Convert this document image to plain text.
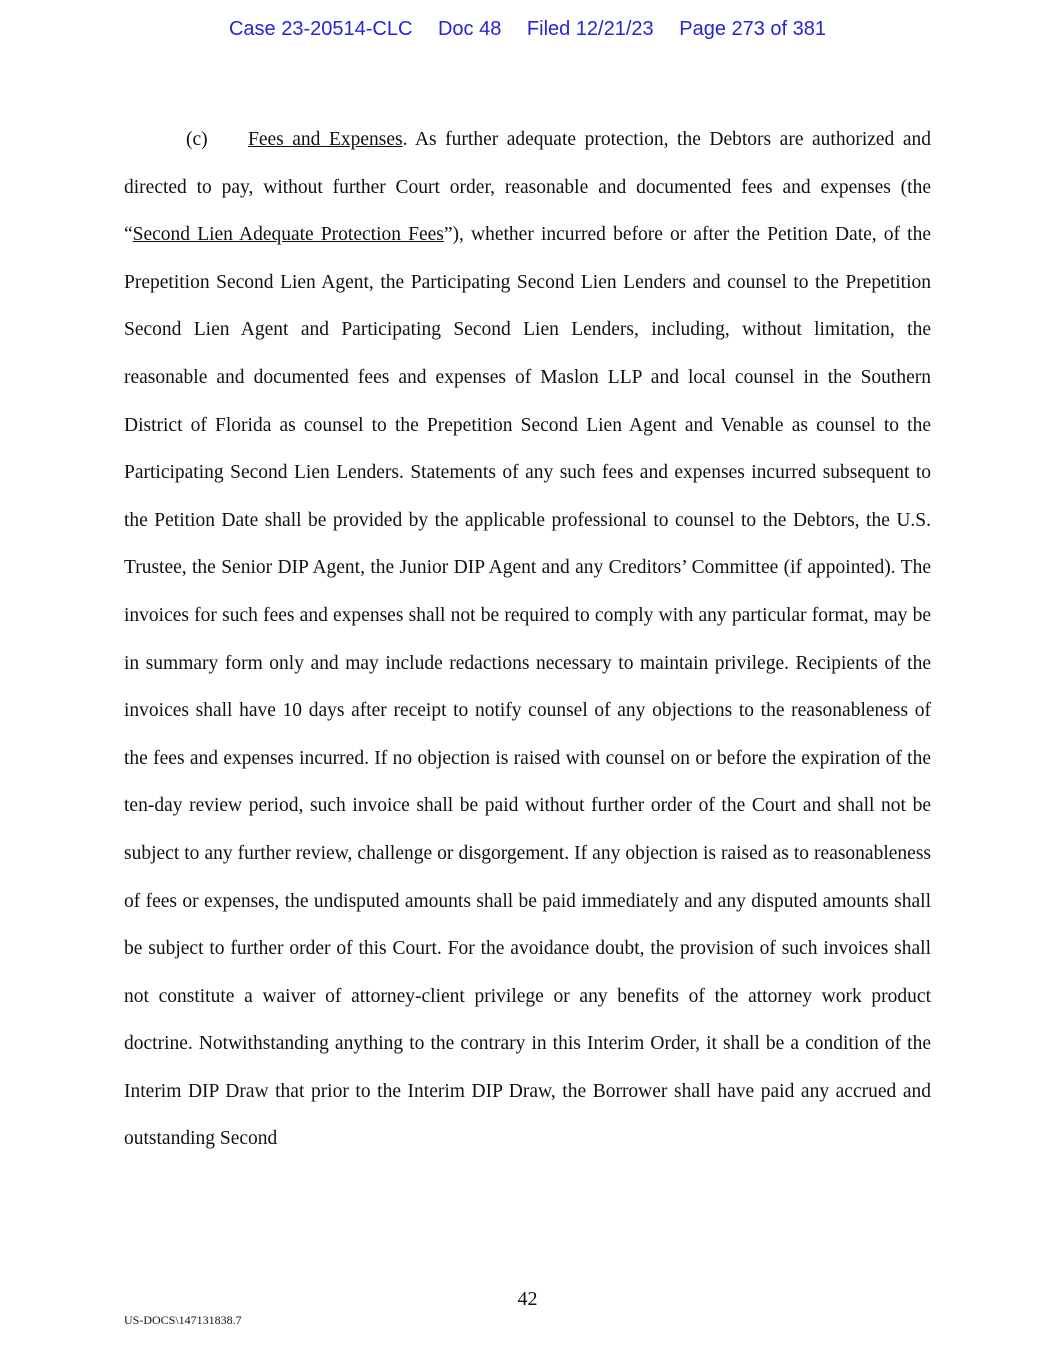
Case 23-20514-CLC Doc 48 Filed 12/21/23 Page 273 of 381
(c) Fees and Expenses. As further adequate protection, the Debtors are authorized and directed to pay, without further Court order, reasonable and documented fees and expenses (the “Second Lien Adequate Protection Fees”), whether incurred before or after the Petition Date, of the Prepetition Second Lien Agent, the Participating Second Lien Lenders and counsel to the Prepetition Second Lien Agent and Participating Second Lien Lenders, including, without limitation, the reasonable and documented fees and expenses of Maslon LLP and local counsel in the Southern District of Florida as counsel to the Prepetition Second Lien Agent and Venable as counsel to the Participating Second Lien Lenders. Statements of any such fees and expenses incurred subsequent to the Petition Date shall be provided by the applicable professional to counsel to the Debtors, the U.S. Trustee, the Senior DIP Agent, the Junior DIP Agent and any Creditors’ Committee (if appointed). The invoices for such fees and expenses shall not be required to comply with any particular format, may be in summary form only and may include redactions necessary to maintain privilege. Recipients of the invoices shall have 10 days after receipt to notify counsel of any objections to the reasonableness of the fees and expenses incurred. If no objection is raised with counsel on or before the expiration of the ten-day review period, such invoice shall be paid without further order of the Court and shall not be subject to any further review, challenge or disgorgement. If any objection is raised as to reasonableness of fees or expenses, the undisputed amounts shall be paid immediately and any disputed amounts shall be subject to further order of this Court. For the avoidance doubt, the provision of such invoices shall not constitute a waiver of attorney-client privilege or any benefits of the attorney work product doctrine. Notwithstanding anything to the contrary in this Interim Order, it shall be a condition of the Interim DIP Draw that prior to the Interim DIP Draw, the Borrower shall have paid any accrued and outstanding Second
42
US-DOCS\147131838.7
